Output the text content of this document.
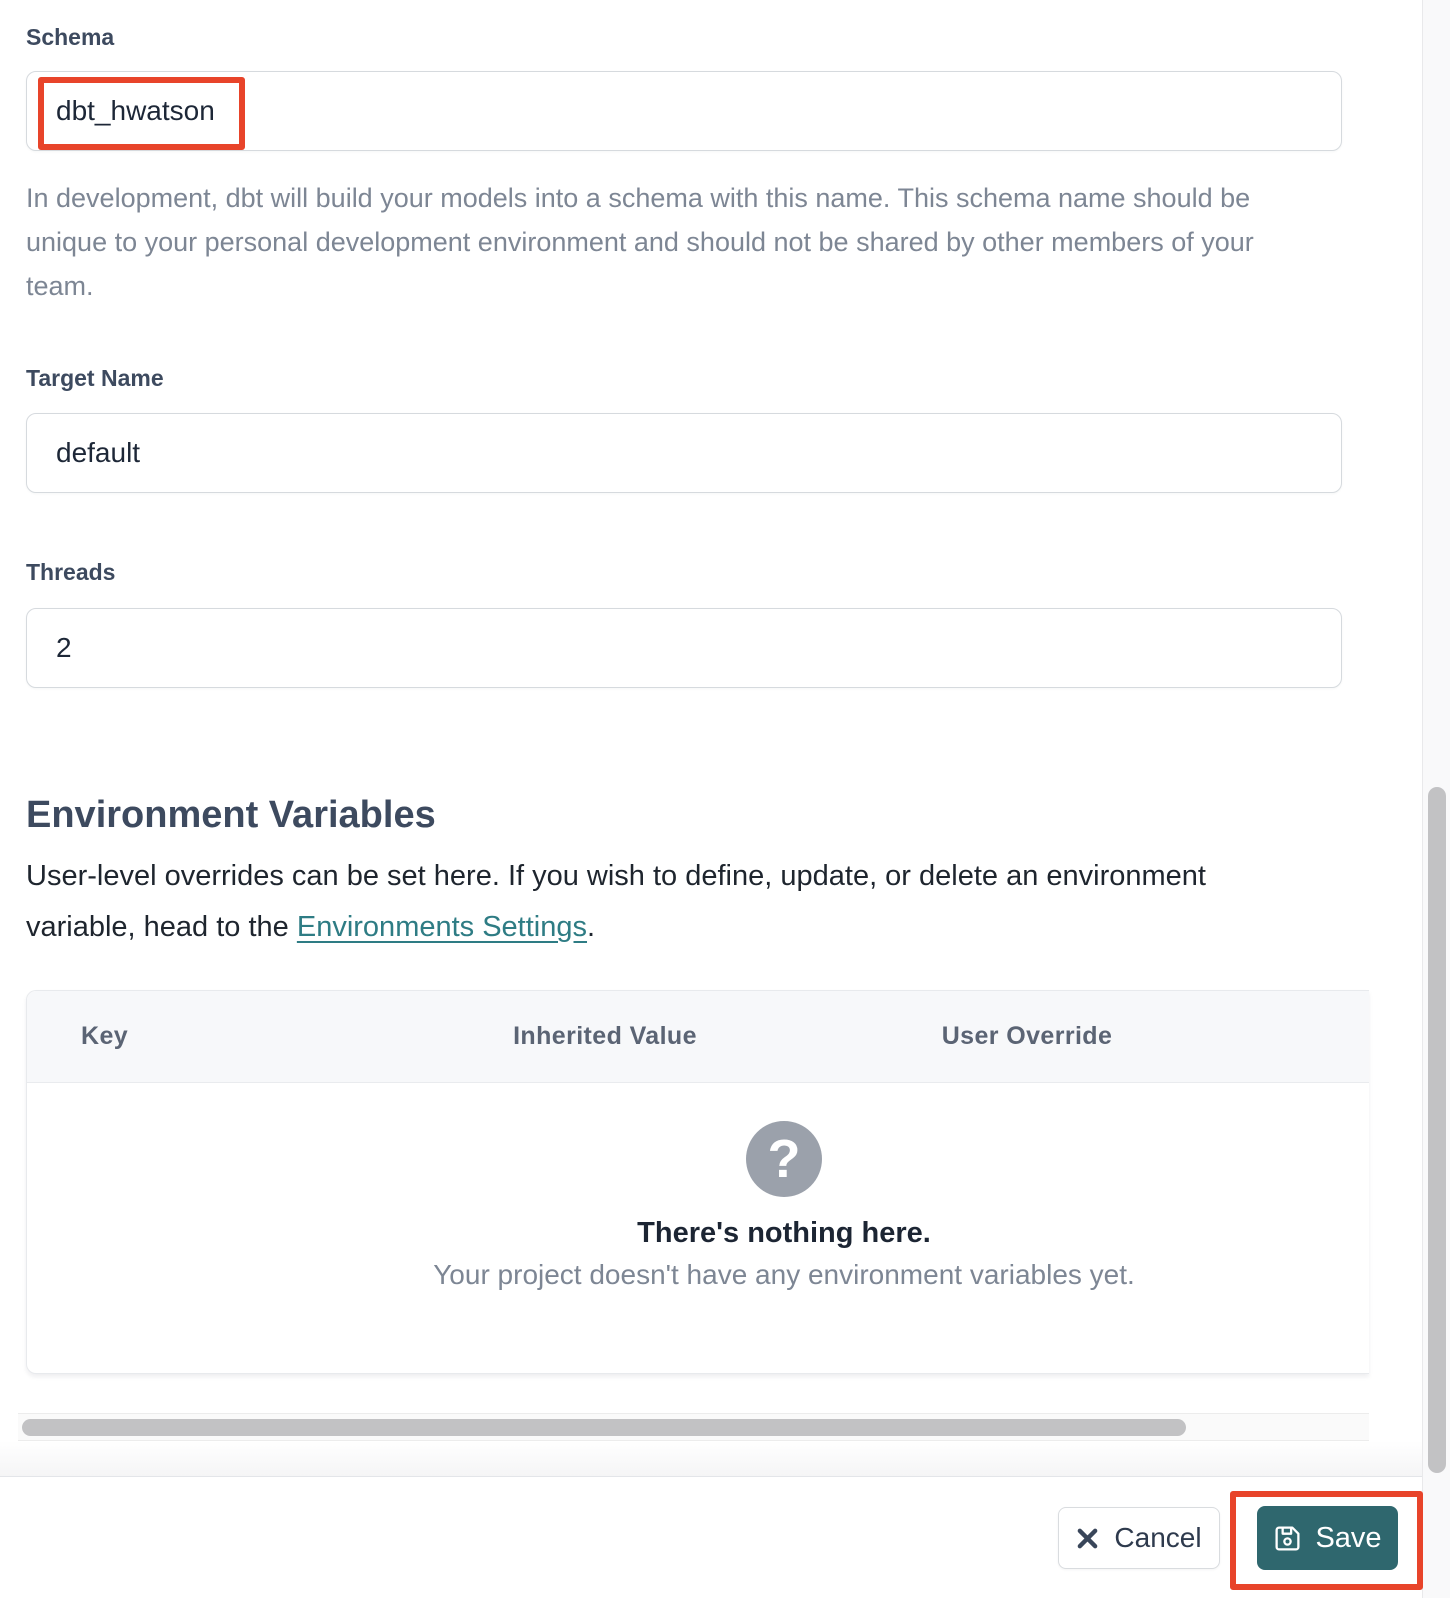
Schema
dbt_hwatson
In development, dbt will build your models into a schema with this name. This schema name should be
unique to your personal development environment and should not be shared by other members of your
team.
Target Name
default
Threads
2
Environment Variables
User-level overrides can be set here. If you wish to define, update, or delete an environment
variable, head to the Environments Settings.
Key	Inherited Value	User Override
?
There's nothing here.
Your project doesn't have any environment variables yet.
Cancel	Save
